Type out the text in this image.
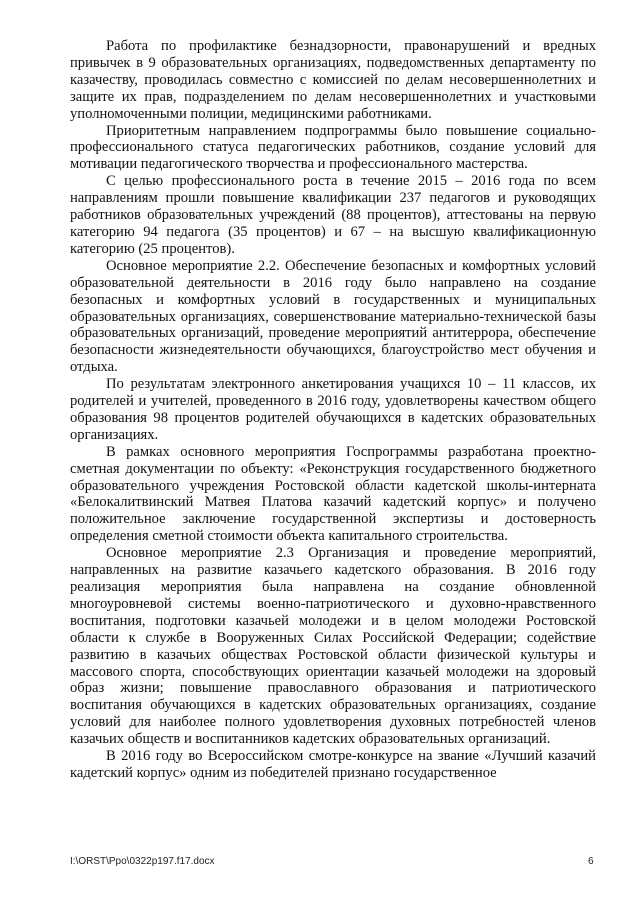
Работа по профилактике безнадзорности, правонарушений и вредных привычек в 9 образовательных организациях, подведомственных департаменту по казачеству, проводилась совместно с комиссией по делам несовершеннолетних и защите их прав, подразделением по делам несовершеннолетних и участковыми уполномоченными полиции, медицинскими работниками.

Приоритетным направлением подпрограммы было повышение социально-профессионального статуса педагогических работников, создание условий для мотивации педагогического творчества и профессионального мастерства.

С целью профессионального роста в течение 2015 – 2016 года по всем направлениям прошли повышение квалификации 237 педагогов и руководящих работников образовательных учреждений (88 процентов), аттестованы на первую категорию 94 педагога (35 процентов) и 67 – на высшую квалификационную категорию (25 процентов).

Основное мероприятие 2.2. Обеспечение безопасных и комфортных условий образовательной деятельности в 2016 году было направлено на создание безопасных и комфортных условий в государственных и муниципальных образовательных организациях, совершенствование материально-технической базы образовательных организаций, проведение мероприятий антитеррора, обеспечение безопасности жизнедеятельности обучающихся, благоустройство мест обучения и отдыха.

По результатам электронного анкетирования учащихся 10 – 11 классов, их родителей и учителей, проведенного в 2016 году, удовлетворены качеством общего образования 98 процентов родителей обучающихся в кадетских образовательных организациях.

В рамках основного мероприятия Госпрограммы разработана проектно-сметная документации по объекту: «Реконструкция государственного бюджетного образовательного учреждения Ростовской области кадетской школы-интерната «Белокалитвинский Матвея Платова казачий кадетский корпус» и получено положительное заключение государственной экспертизы и достоверность определения сметной стоимости объекта капитального строительства.

Основное мероприятие 2.3 Организация и проведение мероприятий, направленных на развитие казачьего кадетского образования. В 2016 году реализация мероприятия была направлена на создание обновленной многоуровневой системы военно-патриотического и духовно-нравственного воспитания, подготовки казачьей молодежи и в целом молодежи Ростовской области к службе в Вооруженных Силах Российской Федерации; содействие развитию в казачьих обществах Ростовской области физической культуры и массового спорта, способствующих ориентации казачьей молодежи на здоровый образ жизни; повышение православного образования и патриотического воспитания обучающихся в кадетских образовательных организациях, создание условий для наиболее полного удовлетворения духовных потребностей членов казачьих обществ и воспитанников кадетских образовательных организаций.

В 2016 году во Всероссийском смотре-конкурсе на звание «Лучший казачий кадетский корпус» одним из победителей признано государственное

I:\ORST\Ppo\0322p197.f17.docx	6
